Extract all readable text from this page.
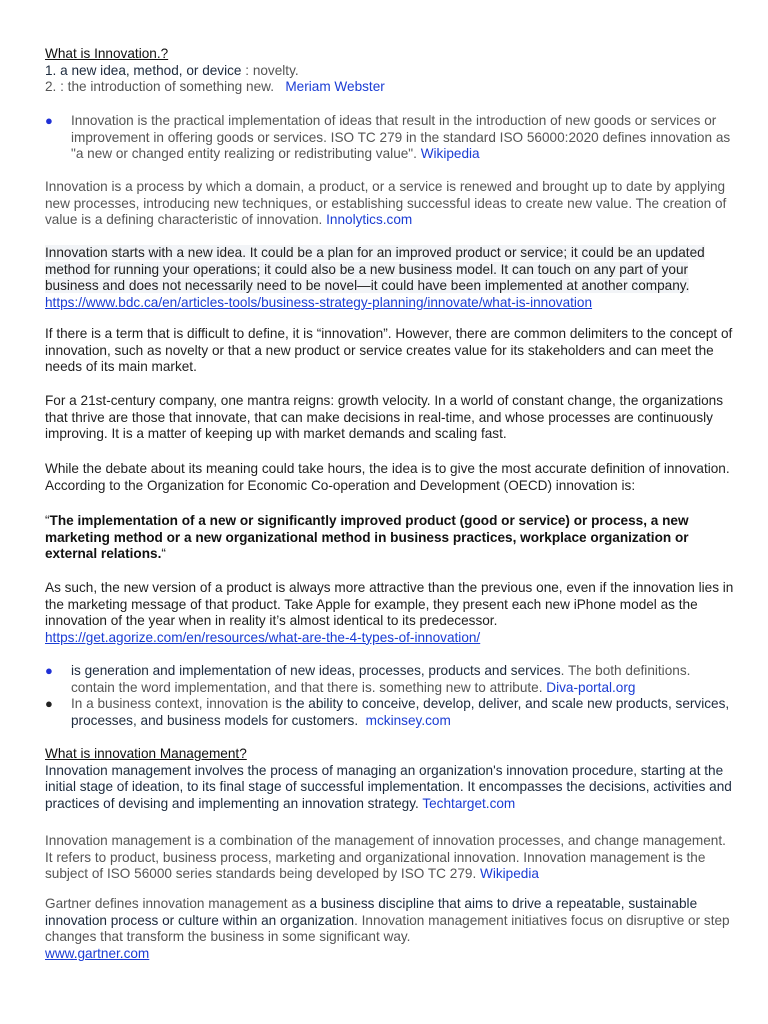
What is Innovation.?
1. a new idea, method, or device : novelty.
2. : the introduction of something new. Meriam Webster
● Innovation is the practical implementation of ideas that result in the introduction of new goods or services or improvement in offering goods or services. ISO TC 279 in the standard ISO 56000:2020 defines innovation as "a new or changed entity realizing or redistributing value". Wikipedia
Innovation is a process by which a domain, a product, or a service is renewed and brought up to date by applying new processes, introducing new techniques, or establishing successful ideas to create new value. The creation of value is a defining characteristic of innovation. Innolytics.com
Innovation starts with a new idea. It could be a plan for an improved product or service; it could be an updated method for running your operations; it could also be a new business model. It can touch on any part of your business and does not necessarily need to be novel—it could have been implemented at another company.
https://www.bdc.ca/en/articles-tools/business-strategy-planning/innovate/what-is-innovation
If there is a term that is difficult to define, it is “innovation”. However, there are common delimiters to the concept of innovation, such as novelty or that a new product or service creates value for its stakeholders and can meet the needs of its main market.
For a 21st-century company, one mantra reigns: growth velocity. In a world of constant change, the organizations that thrive are those that innovate, that can make decisions in real-time, and whose processes are continuously improving. It is a matter of keeping up with market demands and scaling fast.
While the debate about its meaning could take hours, the idea is to give the most accurate definition of innovation. According to the Organization for Economic Co-operation and Development (OECD) innovation is:
“The implementation of a new or significantly improved product (good or service) or process, a new marketing method or a new organizational method in business practices, workplace organization or external relations.“
As such, the new version of a product is always more attractive than the previous one, even if the innovation lies in the marketing message of that product. Take Apple for example, they present each new iPhone model as the innovation of the year when in reality it’s almost identical to its predecessor.
https://get.agorize.com/en/resources/what-are-the-4-types-of-innovation/
● is generation and implementation of new ideas, processes, products and services. The both definitions. contain the word implementation, and that there is. something new to attribute. Diva-portal.org
● In a business context, innovation is the ability to conceive, develop, deliver, and scale new products, services, processes, and business models for customers. mckinsey.com
What is innovation Management?
Innovation management involves the process of managing an organization's innovation procedure, starting at the initial stage of ideation, to its final stage of successful implementation. It encompasses the decisions, activities and practices of devising and implementing an innovation strategy. Techtarget.com
Innovation management is a combination of the management of innovation processes, and change management. It refers to product, business process, marketing and organizational innovation. Innovation management is the subject of ISO 56000 series standards being developed by ISO TC 279. Wikipedia
Gartner defines innovation management as a business discipline that aims to drive a repeatable, sustainable innovation process or culture within an organization. Innovation management initiatives focus on disruptive or step changes that transform the business in some significant way.
www.gartner.com
